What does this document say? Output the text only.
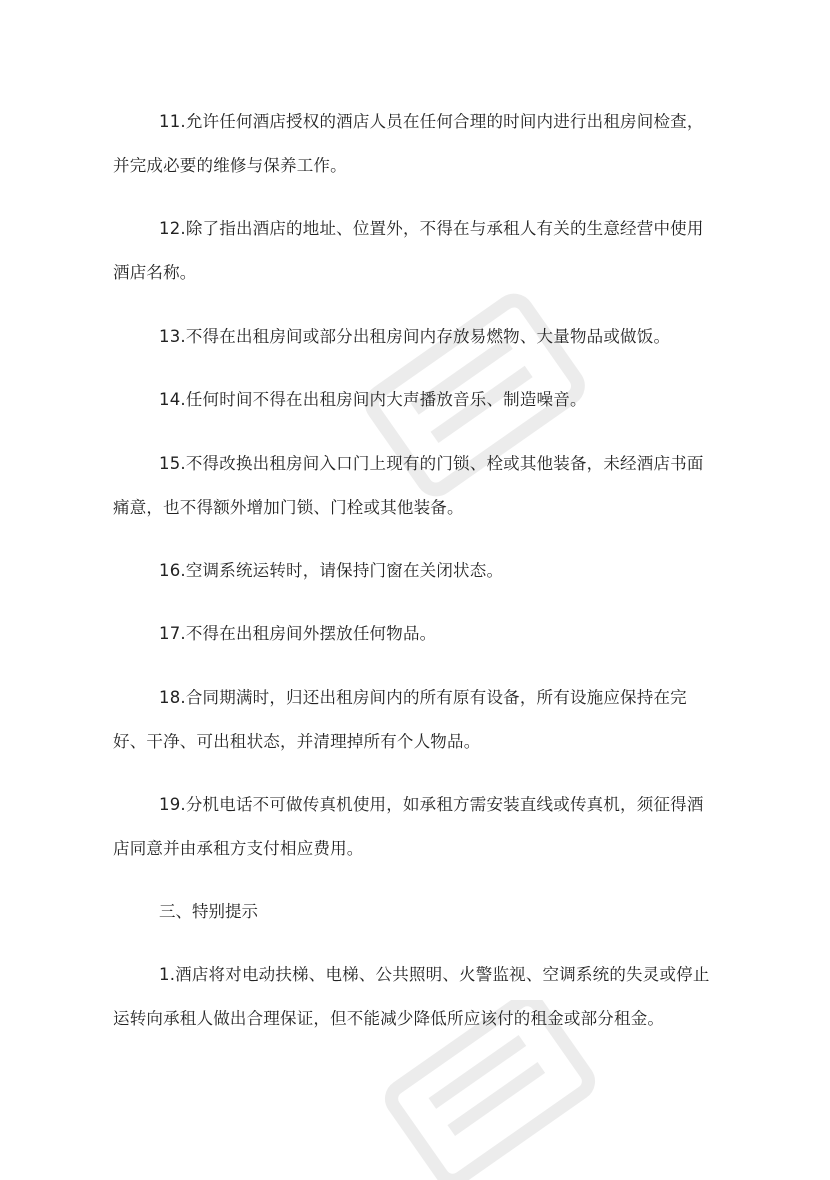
11.允许任何酒店授权的酒店人员在任何合理的时间内进行出租房间检查，并完成必要的维修与保养工作。

12.除了指出酒店的地址、位置外，不得在与承租人有关的生意经营中使用酒店名称。

13.不得在出租房间或部分出租房间内存放易燃物、大量物品或做饭。

14.任何时间不得在出租房间内大声播放音乐、制造噪音。

15.不得改换出租房间入口门上现有的门锁、栓或其他装备，未经酒店书面痛意，也不得额外增加门锁、门栓或其他装备。

16.空调系统运转时，请保持门窗在关闭状态。

17.不得在出租房间外摆放任何物品。

18.合同期满时，归还出租房间内的所有原有设备，所有设施应保持在完好、干净、可出租状态，并清理掉所有个人物品。

19.分机电话不可做传真机使用，如承租方需安装直线或传真机，须征得酒店同意并由承租方支付相应费用。

三、特别提示

1.酒店将对电动扶梯、电梯、公共照明、火警监视、空调系统的失灵或停止运转向承租人做出合理保证，但不能减少降低所应该付的租金或部分租金。
